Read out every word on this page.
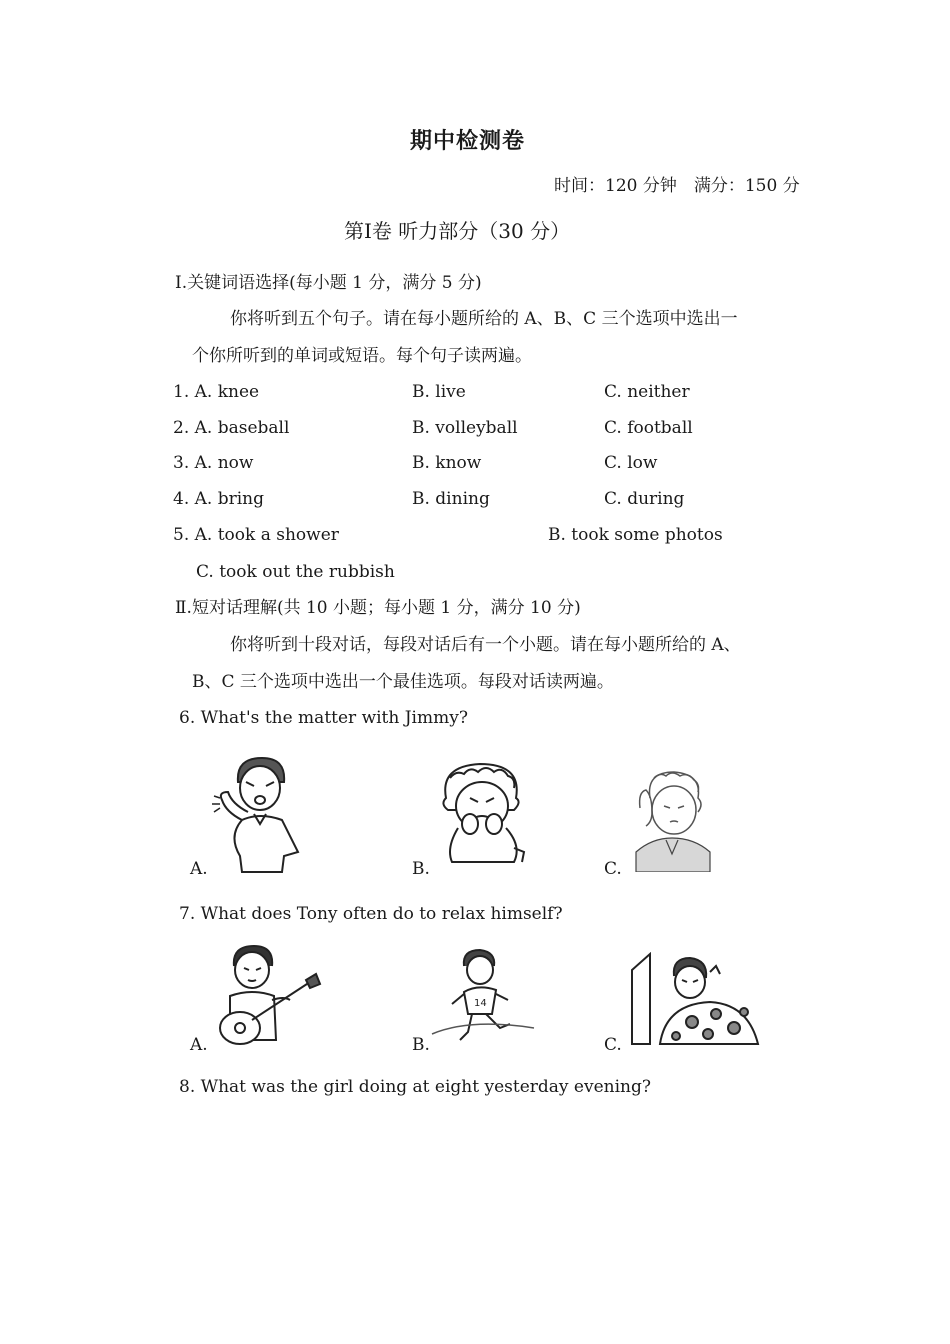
期中检测卷
时间：120 分钟　满分：150 分
第Ⅰ卷 听力部分（30 分）
Ⅰ.关键词语选择(每小题 1 分，满分 5 分)
你将听到五个句子。请在每小题所给的 A、B、C 三个选项中选出一
个你所听到的单词或短语。每个句子读两遍。
1. A. knee	B. live	C. neither
2. A. baseball	B. volleyball	C. football
3. A. now	B. know	C. low
4. A. bring	B. dining	C. during
5. A. took a shower	B. took some photos
C. took out the rubbish
Ⅱ.短对话理解(共 10 小题；每小题 1 分，满分 10 分)
你将听到十段对话，每段对话后有一个小题。请在每小题所给的 A、
B、C 三个选项中选出一个最佳选项。每段对话读两遍。
6. What's the matter with Jimmy?
A.	B.	C.
7. What does Tony often do to relax himself?
A.
14
B.	C.
8. What was the girl doing at eight yesterday evening?
